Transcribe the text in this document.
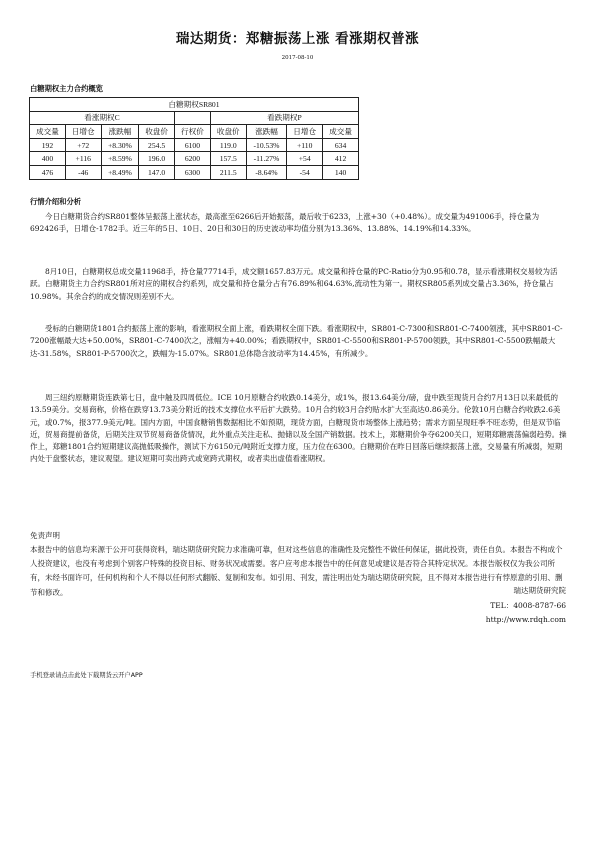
瑞达期货：郑糖振荡上涨 看涨期权普涨
2017-08-10
白糖期权主力合约概览
白糖期权SR801								
看涨期权C					看跌期权P			
成交量	日增仓	涨跌幅	收盘价	行权价	收盘价	涨跌幅	日增仓	成交量
192	+72	+8.30%	254.5	6100	119.0	-10.53%	+110	634
400	+116	+8.59%	196.0	6200	157.5	-11.27%	+54	412
476	-46	+8.49%	147.0	6300	211.5	-8.64%	-54	140
行情介绍和分析

今日白糖期货合约SR801整体呈振荡上涨状态，最高涨至6266后开始振荡，最后收于6233，上涨+30（+0.48%）。成交量为491006手，持仓量为692426手，日增仓-1782手。近三年的5日、10日、20日和30日的历史波动率均值分别为13.36%、13.88%、14.19%和14.33%。

8月10日，白糖期权总成交量11968手，持仓量77714手，成交额1657.83万元。成交量和持仓量的PC-Ratio分为0.95和0.78，显示看涨期权交易较为活跃。白糖期货主力合约SR801所对应的期权合约系列，成交量和持仓量分占有76.89%和64.63%,流动性为第一。期权SR805系列成交量占3.36%，持仓量占10.98%。其余合约的成交情况则差别不大。

受标的白糖期货1801合约振荡上涨的影响，看涨期权全面上涨，看跌期权全面下跌。看涨期权中，SR801-C-7300和SR801-C-7400领涨，其中SR801-C-7200涨幅最大达+50.00%，SR801-C-7400次之，涨幅为+40.00%；看跌期权中，SR801-C-5500和SR801-P-5700领跌，其中SR801-C-5500跌幅最大达-31.58%，SR801-P-5700次之，跌幅为-15.07%。SR801总体隐含波动率为14.45%，有所减少。

周三纽约原糖期货连跌第七日，盘中触及四周低位。ICE 10月原糖合约收跌0.14美分，或1%，报13.64美分/磅，盘中跌至现货月合约7月13日以来最低的13.59美分。交易商称，价格在跌穿13.73美分附近的技术支撑位水平后扩大跌势。10月合约较3月合约贴水扩大至高达0.86美分。伦敦10月白糖合约收跌2.6美元，或0.7%，报377.9美元/吨。国内方面，中国食糖销售数据相比不如预期，现货方面，白糖现货市场整体上涨趋势；需求方面呈现旺季不旺态势，但是双节临近，贸易商提前备货，后期关注双节贸易商备货情况，此外重点关注走私、抛储以及全国产销数据。技术上，郑糖期价争夺6200关口，短期郑糖震荡偏弱趋势。操作上，郑糖1801合约短期建议高抛低吸操作，测试下方6150元/吨附近支撑力度，压力位在6300。白糖期价在昨日回落后继续振荡上涨，交易量有所减弱，短期内处于盘整状态，建议观望。建议短期可卖出跨式或宽跨式期权，或者卖出虚值看涨期权。

免责声明

本报告中的信息均来源于公开可获得资料，瑞达期货研究院力求准确可靠，但对这些信息的准确性及完整性不做任何保证，据此投资，责任自负。本报告不构成个人投资建议，也没有考虑到个别客户特殊的投资目标、财务状况或需要。客户应考虑本报告中的任何意见或建议是否符合其特定状况。本报告版权仅为我公司所有，未经书面许可，任何机构和个人不得以任何形式翻版、复制和发布。如引用、刊发，需注明出处为瑞达期货研究院，且不得对本报告进行有悖原意的引用、删节和修改。	瑞达期货研究院
TEL：4008-8787-66
http://www.rdqh.com
手机登录请点击此处下载期货云开户APP
